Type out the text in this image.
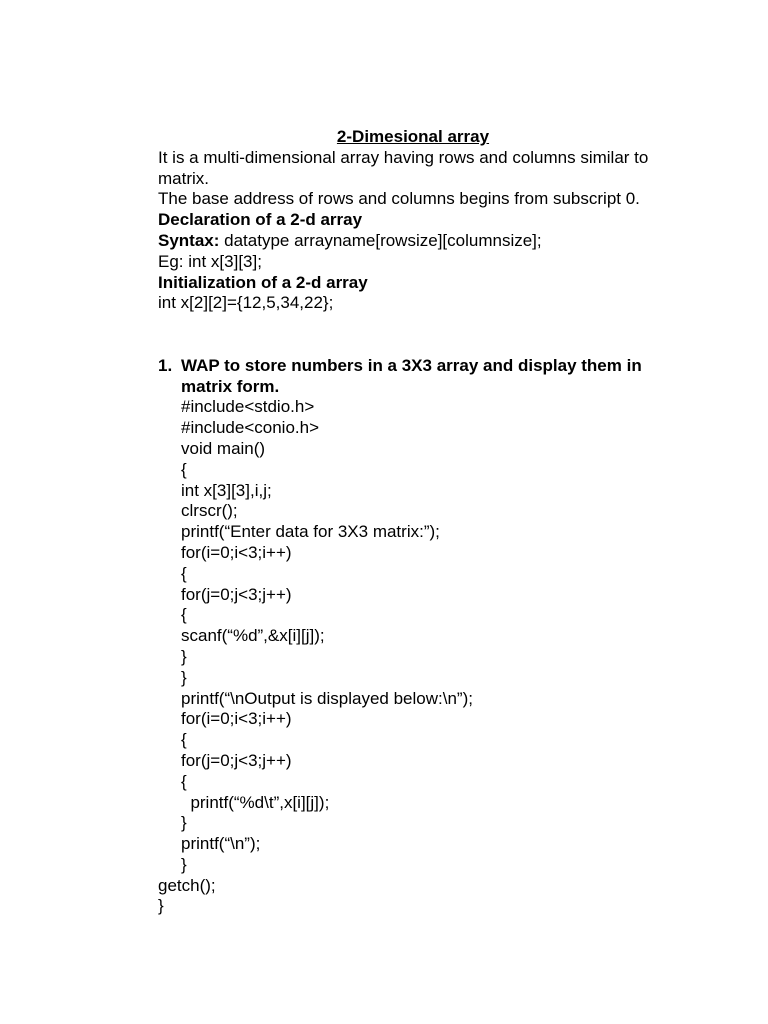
2-Dimesional array
It is a multi-dimensional array having rows and columns similar to
matrix.
The base address of rows and columns begins from subscript 0.
Declaration of a 2-d array
Syntax: datatype arrayname[rowsize][columnsize];
Eg: int x[3][3];
Initialization of a 2-d array
int x[2][2]={12,5,34,22};
1. WAP to store numbers in a 3X3 array and display them in matrix form.
#include<stdio.h>
#include<conio.h>
void main()
{
int x[3][3],i,j;
clrscr();
printf(“Enter data for 3X3 matrix:”);
for(i=0;i<3;i++)
{
for(j=0;j<3;j++)
{
scanf(“%d”,&x[i][j]);
}
}
printf(“\nOutput is displayed below:\n”);
for(i=0;i<3;i++)
{
for(j=0;j<3;j++)
{
printf(“%d\t”,x[i][j]);
}
printf(“\n”);
}
getch();
}
